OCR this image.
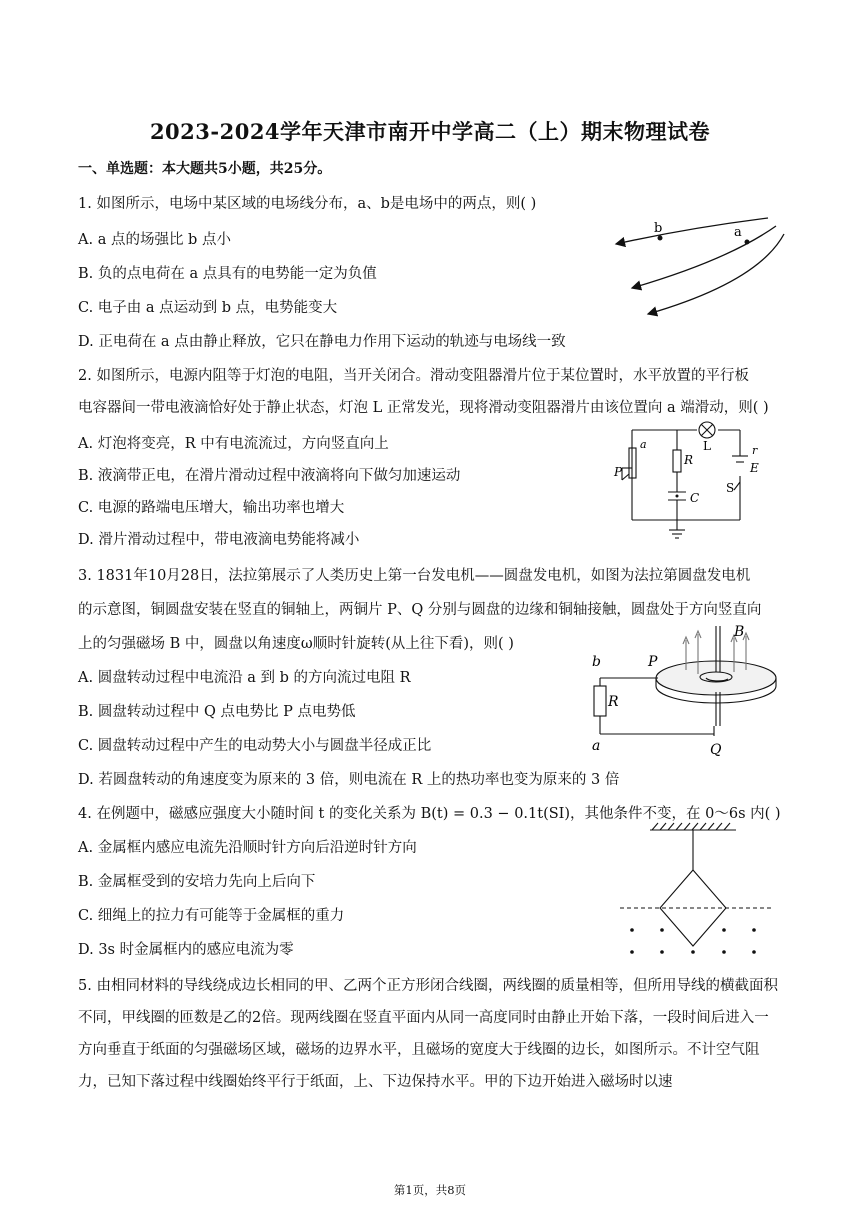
2023-2024学年天津市南开中学高二（上）期末物理试卷
一、单选题：本大题共5小题，共25分。
1. 如图所示，电场中某区域的电场线分布，a、b是电场中的两点，则( )
A. a 点的场强比 b 点小
B. 负的点电荷在 a 点具有的电势能一定为负值
C. 电子由 a 点运动到 b 点，电势能变大
D. 正电荷在 a 点由静止释放，它只在静电力作用下运动的轨迹与电场线一致
b	a
2. 如图所示，电源内阻等于灯泡的电阻，当开关闭合。滑动变阻器滑片位于某位置时，水平放置的平行板
电容器间一带电液滴恰好处于静止状态，灯泡 L 正常发光，现将滑动变阻器滑片由该位置向 a 端滑动，则( )
A. 灯泡将变亮，R 中有电流流过，方向竖直向上
B. 液滴带正电，在滑片滑动过程中液滴将向下做匀加速运动
C. 电源的路端电压增大，输出功率也增大
D. 滑片滑动过程中，带电液滴电势能将减小
a
P
R
L
C
r
E
S
3. 1831年10月28日，法拉第展示了人类历史上第一台发电机——圆盘发电机，如图为法拉第圆盘发电机
的示意图，铜圆盘安装在竖直的铜轴上，两铜片 P、Q 分别与圆盘的边缘和铜轴接触，圆盘处于方向竖直向
上的匀强磁场 B 中，圆盘以角速度ω顺时针旋转(从上往下看)，则( )
A. 圆盘转动过程中电流沿 a 到 b 的方向流过电阻 R
B. 圆盘转动过程中 Q 点电势比 P 点电势低
C. 圆盘转动过程中产生的电动势大小与圆盘半径成正比
D. 若圆盘转动的角速度变为原来的 3 倍，则电流在 R 上的热功率也变为原来的 3 倍
b	P
B
R
a	Q
4. 在例题中，磁感应强度大小随时间 t 的变化关系为 B(t) = 0.3 − 0.1t(SI)，其他条件不变，在 0～6s 内( )
A. 金属框内感应电流先沿顺时针方向后沿逆时针方向
B. 金属框受到的安培力先向上后向下
C. 细绳上的拉力有可能等于金属框的重力
D. 3s 时金属框内的感应电流为零
5. 由相同材料的导线绕成边长相同的甲、乙两个正方形闭合线圈，两线圈的质量相等，但所用导线的横截面积不同，甲线圈的匝数是乙的2倍。现两线圈在竖直平面内从同一高度同时由静止开始下落，一段时间后进入一方向垂直于纸面的匀强磁场区域，磁场的边界水平，且磁场的宽度大于线圈的边长，如图所示。不计空气阻力，已知下落过程中线圈始终平行于纸面，上、下边保持水平。甲的下边开始进入磁场时以速
第1页，共8页
